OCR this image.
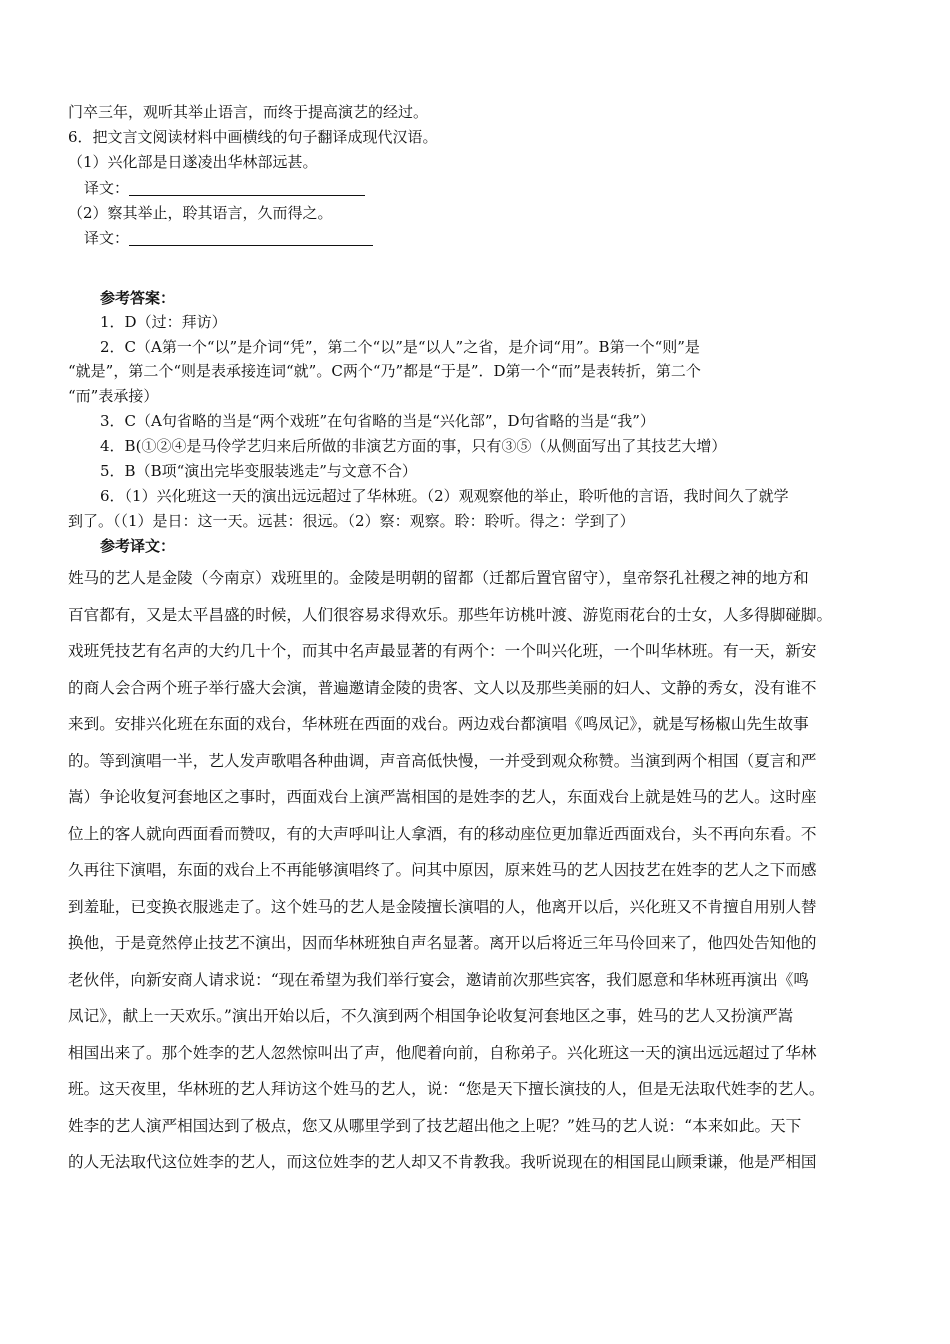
门卒三年，观听其举止语言，而终于提高演艺的经过。
6．把文言文阅读材料中画横线的句子翻译成现代汉语。
（1）兴化部是日遂凌出华林部远甚。
译文：
（2）察其举止，聆其语言，久而得之。
译文：
参考答案：
1．D（过：拜访）
2．C（A第一个“以”是介词“凭”，第二个“以”是“以人”之省，是介词“用”。B第一个“则”是
“就是”，第二个“则是表承接连词“就”。C两个“乃”都是“于是”．D第一个“而”是表转折，第二个
“而”表承接）
3．C（A句省略的当是“两个戏班”在句省略的当是“兴化部”，D句省略的当是“我”）
4．B(①②④是马伶学艺归来后所做的非演艺方面的事，只有③⑤（从侧面写出了其技艺大增）
5．B（B项“演出完毕变服装逃走”与文意不合）
6．（1）兴化班这一天的演出远远超过了华林班。（2）观观察他的举止，聆听他的言语，我时间久了就学
到了。（（1）是日：这一天。远甚：很远。（2）察：观察。聆：聆听。得之：学到了）
参考译文：
姓马的艺人是金陵（今南京）戏班里的。金陵是明朝的留都（迁都后置官留守），皇帝祭孔社稷之神的地方和
百官都有，又是太平昌盛的时候，人们很容易求得欢乐。那些年访桃叶渡、游览雨花台的士女，人多得脚碰脚。
戏班凭技艺有名声的大约几十个，而其中名声最显著的有两个：一个叫兴化班，一个叫华林班。有一天，新安
的商人会合两个班子举行盛大会演，普遍邀请金陵的贵客、文人以及那些美丽的妇人、文静的秀女，没有谁不
来到。安排兴化班在东面的戏台，华林班在西面的戏台。两边戏台都演唱《鸣凤记》，就是写杨椒山先生故事
的。等到演唱一半，艺人发声歌唱各种曲调，声音高低快慢，一并受到观众称赞。当演到两个相国（夏言和严
嵩）争论收复河套地区之事时，西面戏台上演严嵩相国的是姓李的艺人，东面戏台上就是姓马的艺人。这时座
位上的客人就向西面看而赞叹，有的大声呼叫让人拿酒，有的移动座位更加靠近西面戏台，头不再向东看。不
久再往下演唱，东面的戏台上不再能够演唱终了。问其中原因，原来姓马的艺人因技艺在姓李的艺人之下而感
到羞耻，已变换衣服逃走了。这个姓马的艺人是金陵擅长演唱的人，他离开以后，兴化班又不肯擅自用别人替
换他，于是竟然停止技艺不演出，因而华林班独自声名显著。离开以后将近三年马伶回来了，他四处告知他的
老伙伴，向新安商人请求说：“现在希望为我们举行宴会，邀请前次那些宾客，我们愿意和华林班再演出《鸣
凤记》，献上一天欢乐。”演出开始以后，不久演到两个相国争论收复河套地区之事，姓马的艺人又扮演严嵩
相国出来了。那个姓李的艺人忽然惊叫出了声，他爬着向前，自称弟子。兴化班这一天的演出远远超过了华林
班。这天夜里，华林班的艺人拜访这个姓马的艺人，说：“您是天下擅长演技的人，但是无法取代姓李的艺人。
姓李的艺人演严相国达到了极点，您又从哪里学到了技艺超出他之上呢？”姓马的艺人说：“本来如此。天下
的人无法取代这位姓李的艺人，而这位姓李的艺人却又不肯教我。我听说现在的相国昆山顾秉谦，他是严相国
